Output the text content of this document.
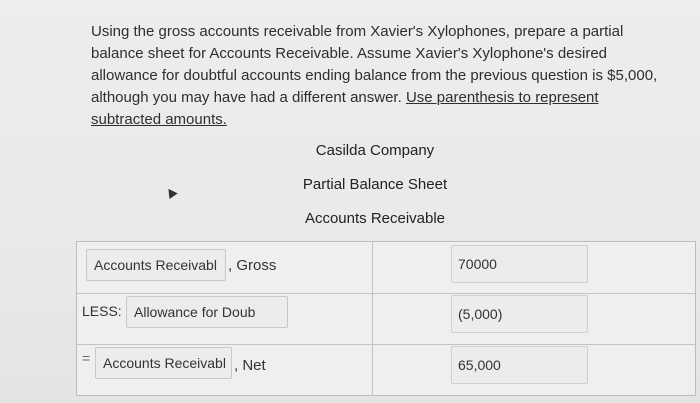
Using the gross accounts receivable from Xavier's Xylophones, prepare a partial balance sheet for Accounts Receivable. Assume Xavier's Xylophone's desired allowance for doubtful accounts ending balance from the previous question is $5,000, although you may have had a different answer. Use parenthesis to represent subtracted amounts.
Casilda Company
Partial Balance Sheet
Accounts Receivable
Accounts Receivabl , Gross	70000
LESS: Allowance for Doub	(5,000)
= Accounts Receivabl , Net	65,000
